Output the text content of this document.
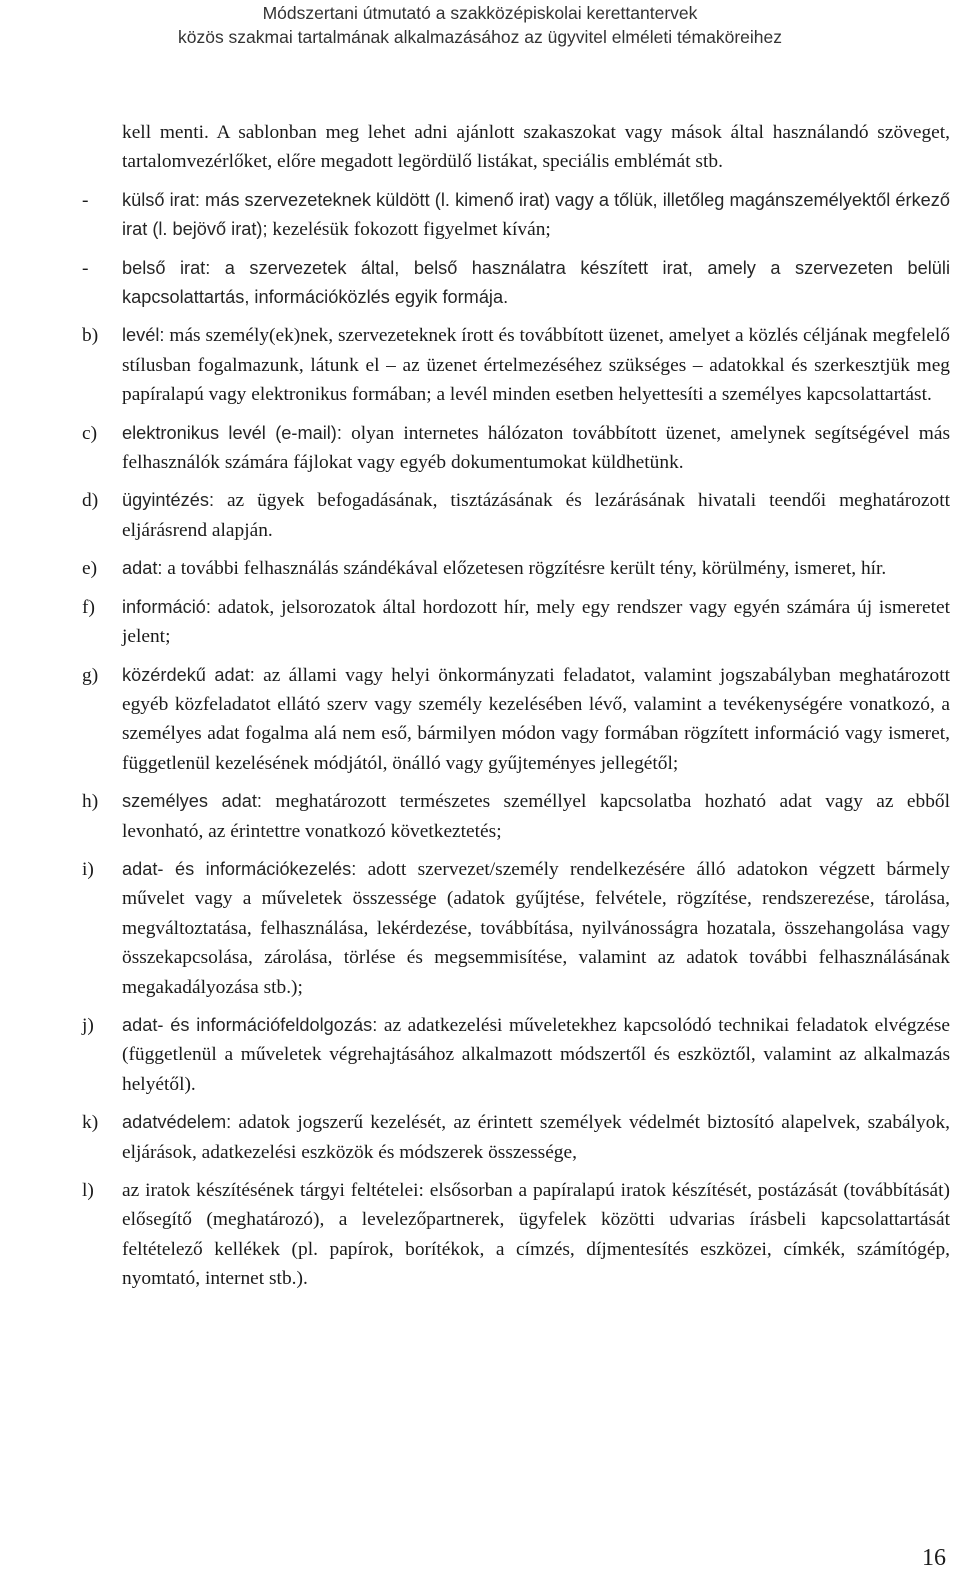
Módszertani útmutató a szakközépiskolai kerettantervek
közös szakmai tartalmának alkalmazásához az ügyvitel elméleti témaköreihez

kell menti. A sablonban meg lehet adni ajánlott szakaszokat vagy mások által használandó szöveget, tartalomvezérlőket, előre megadott legördülő listákat, speciális emblémát stb.

-	külső irat: más szervezeteknek küldött (l. kimenő irat) vagy a tőlük, illetőleg magánszemélyektől érkező irat (l. bejövő irat); kezelésük fokozott figyelmet kíván;
-	belső irat: a szervezetek által, belső használatra készített irat, amely a szervezeten belüli kapcsolattartás, információközlés egyik formája.
b)	levél: más személy(ek)nek, szervezeteknek írott és továbbított üzenet, amelyet a közlés céljának megfelelő stílusban fogalmazunk, látunk el – az üzenet értelmezéséhez szükséges – adatokkal és szerkesztjük meg papíralapú vagy elektronikus formában; a levél minden esetben helyettesíti a személyes kapcsolattartást.
c)	elektronikus levél (e-mail): olyan internetes hálózaton továbbított üzenet, amelynek segítségével más felhasználók számára fájlokat vagy egyéb dokumentumokat küldhetünk.
d)	ügyintézés: az ügyek befogadásának, tisztázásának és lezárásának hivatali teendői meghatározott eljárásrend alapján.
e)	adat: a további felhasználás szándékával előzetesen rögzítésre került tény, körülmény, ismeret, hír.
f)	információ: adatok, jelsorozatok által hordozott hír, mely egy rendszer vagy egyén számára új ismeretet jelent;
g)	közérdekű adat: az állami vagy helyi önkormányzati feladatot, valamint jogszabályban meghatározott egyéb közfeladatot ellátó szerv vagy személy kezelésében lévő, valamint a tevékenységére vonatkozó, a személyes adat fogalma alá nem eső, bármilyen módon vagy formában rögzített információ vagy ismeret, függetlenül kezelésének módjától, önálló vagy gyűjteményes jellegétől;
h)	személyes adat: meghatározott természetes személlyel kapcsolatba hozható adat vagy az ebből levonható, az érintettre vonatkozó következtetés;
i)	adat- és információkezelés: adott szervezet/személy rendelkezésére álló adatokon végzett bármely művelet vagy a műveletek összessége (adatok gyűjtése, felvétele, rögzítése, rendszerezése, tárolása, megváltoztatása, felhasználása, lekérdezése, továbbítása, nyilvánosságra hozatala, összehangolása vagy összekapcsolása, zárolása, törlése és megsemmisítése, valamint az adatok további felhasználásának megakadályozása stb.);
j)	adat- és információfeldolgozás: az adatkezelési műveletekhez kapcsolódó technikai feladatok elvégzése (függetlenül a műveletek végrehajtásához alkalmazott módszertől és eszköztől, valamint az alkalmazás helyétől).
k)	adatvédelem: adatok jogszerű kezelését, az érintett személyek védelmét biztosító alapelvek, szabályok, eljárások, adatkezelési eszközök és módszerek összessége,
l)	az iratok készítésének tárgyi feltételei: elsősorban a papíralapú iratok készítését, postázását (továbbítását) elősegítő (meghatározó), a levelezőpartnerek, ügyfelek közötti udvarias írásbeli kapcsolattartását feltételező kellékek (pl. papírok, borítékok, a címzés, díjmentesítés eszközei, címkék, számítógép, nyomtató, internet stb.).
16
